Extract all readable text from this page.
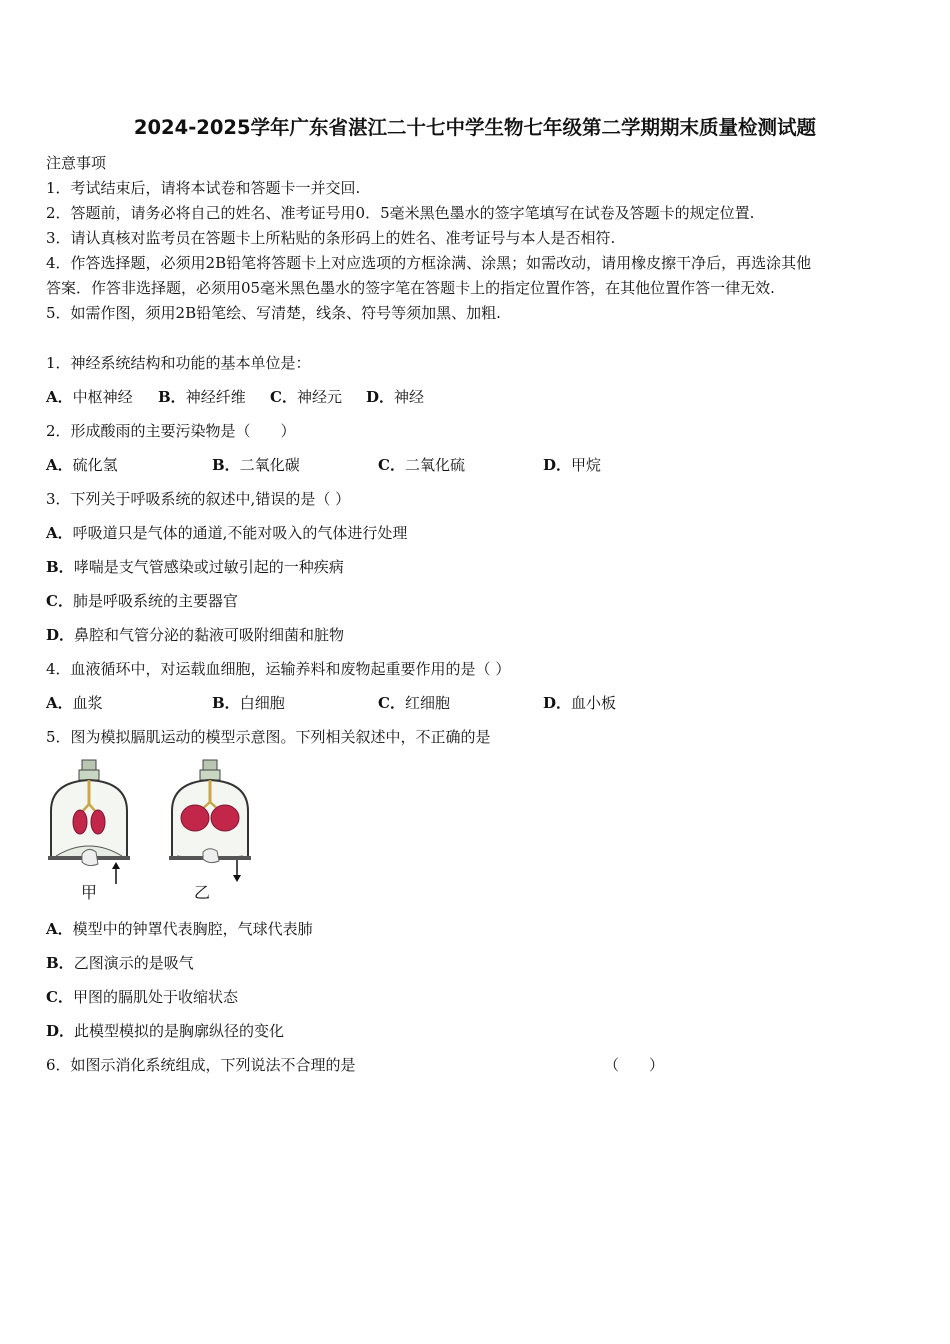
2024-2025学年广东省湛江二十七中学生物七年级第二学期期末质量检测试题
注意事项
1．考试结束后，请将本试卷和答题卡一并交回.
2．答题前，请务必将自己的姓名、准考证号用0．5毫米黑色墨水的签字笔填写在试卷及答题卡的规定位置.
3．请认真核对监考员在答题卡上所粘贴的条形码上的姓名、准考证号与本人是否相符.
4．作答选择题，必须用2B铅笔将答题卡上对应选项的方框涂满、涂黑；如需改动，请用橡皮擦干净后，再选涂其他
答案．作答非选择题，必须用05毫米黑色墨水的签字笔在答题卡上的指定位置作答，在其他位置作答一律无效.
5．如需作图，须用2B铅笔绘、写清楚，线条、符号等须加黑、加粗.
1．神经系统结构和功能的基本单位是：
A．中枢神经 B．神经纤维 C．神经元 D．神经
2．形成酸雨的主要污染物是（　　）
A．硫化氢	B．二氧化碳	C．二氧化硫	D．甲烷
3．下列关于呼吸系统的叙述中,错误的是（ ）
A．呼吸道只是气体的通道,不能对吸入的气体进行处理
B．哮喘是支气管感染或过敏引起的一种疾病
C．肺是呼吸系统的主要器官
D．鼻腔和气管分泌的黏液可吸附细菌和脏物
4．血液循环中，对运载血细胞，运输养料和废物起重要作用的是（ ）
A．血浆	B．白细胞	C．红细胞	D．血小板
5．图为模拟膈肌运动的模型示意图。下列相关叙述中，不正确的是
甲	乙
A．模型中的钟罩代表胸腔，气球代表肺
B．乙图演示的是吸气
C．甲图的膈肌处于收缩状态
D．此模型模拟的是胸廓纵径的变化
6．如图示消化系统组成，下列说法不合理的是	（　　）
